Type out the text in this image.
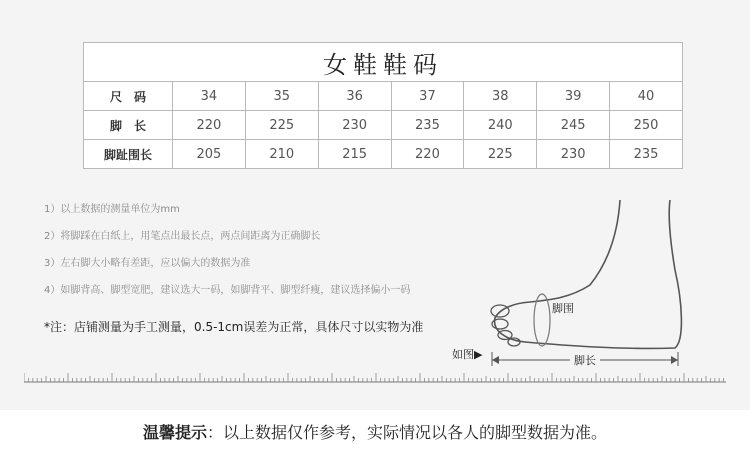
女鞋鞋码							
尺　码	34	35	36	37	38	39	40
脚　长	220	225	230	235	240	245	250
脚趾围长	205	210	215	220	225	230	235
1）以上数据的测量单位为mm
2）将脚踩在白纸上，用笔点出最长点，两点间距离为正确脚长
3）左右脚大小略有差距，应以偏大的数据为准
4）如脚背高、脚型宽肥，建议选大一码，如脚背平、脚型纤瘦，建议选择偏小一码
*注：店铺测量为手工测量，0.5-1cm误差为正常，具体尺寸以实物为准
如图▶
脚围
脚长
温馨提示：以上数据仅作参考，实际情况以各人的脚型数据为准。
